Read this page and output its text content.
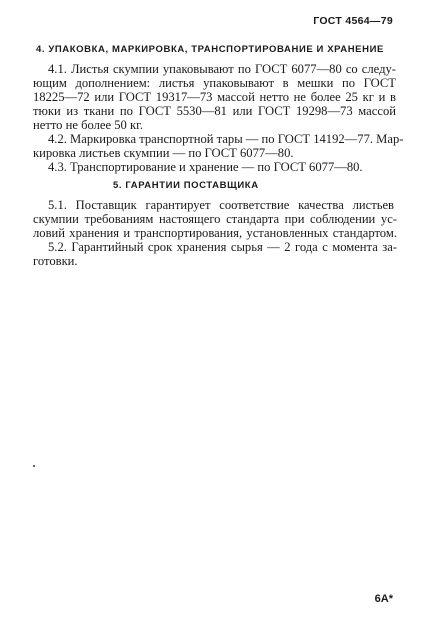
ГОСТ 4564—79
4. УПАКОВКА, МАРКИРОВКА, ТРАНСПОРТИРОВАНИЕ И ХРАНЕНИЕ
4.1. Листья скумпии упаковывают по ГОСТ 6077—80 со следу-
ющим дополнением: листья упаковывают в мешки по ГОСТ
18225—72 или ГОСТ 19317—73 массой нетто не более 25 кг и в
тюки из ткани по ГОСТ 5530—81 или ГОСТ 19298—73 массой
нетто не более 50 кг.
4.2. Маркировка транспортной тары — по ГОСТ 14192—77. Мар-
кировка листьев скумпии — по ГОСТ 6077—80.
4.3. Транспортирование и хранение — по ГОСТ 6077—80.
5. ГАРАНТИИ ПОСТАВЩИКА
5.1. Поставщик гарантирует соответствие качества листьев
скумпии требованиям настоящего стандарта при соблюдении ус-
ловий хранения и транспортирования, установленных стандартом.
5.2. Гарантийный срок хранения сырья — 2 года с момента за-
готовки.
6A*
